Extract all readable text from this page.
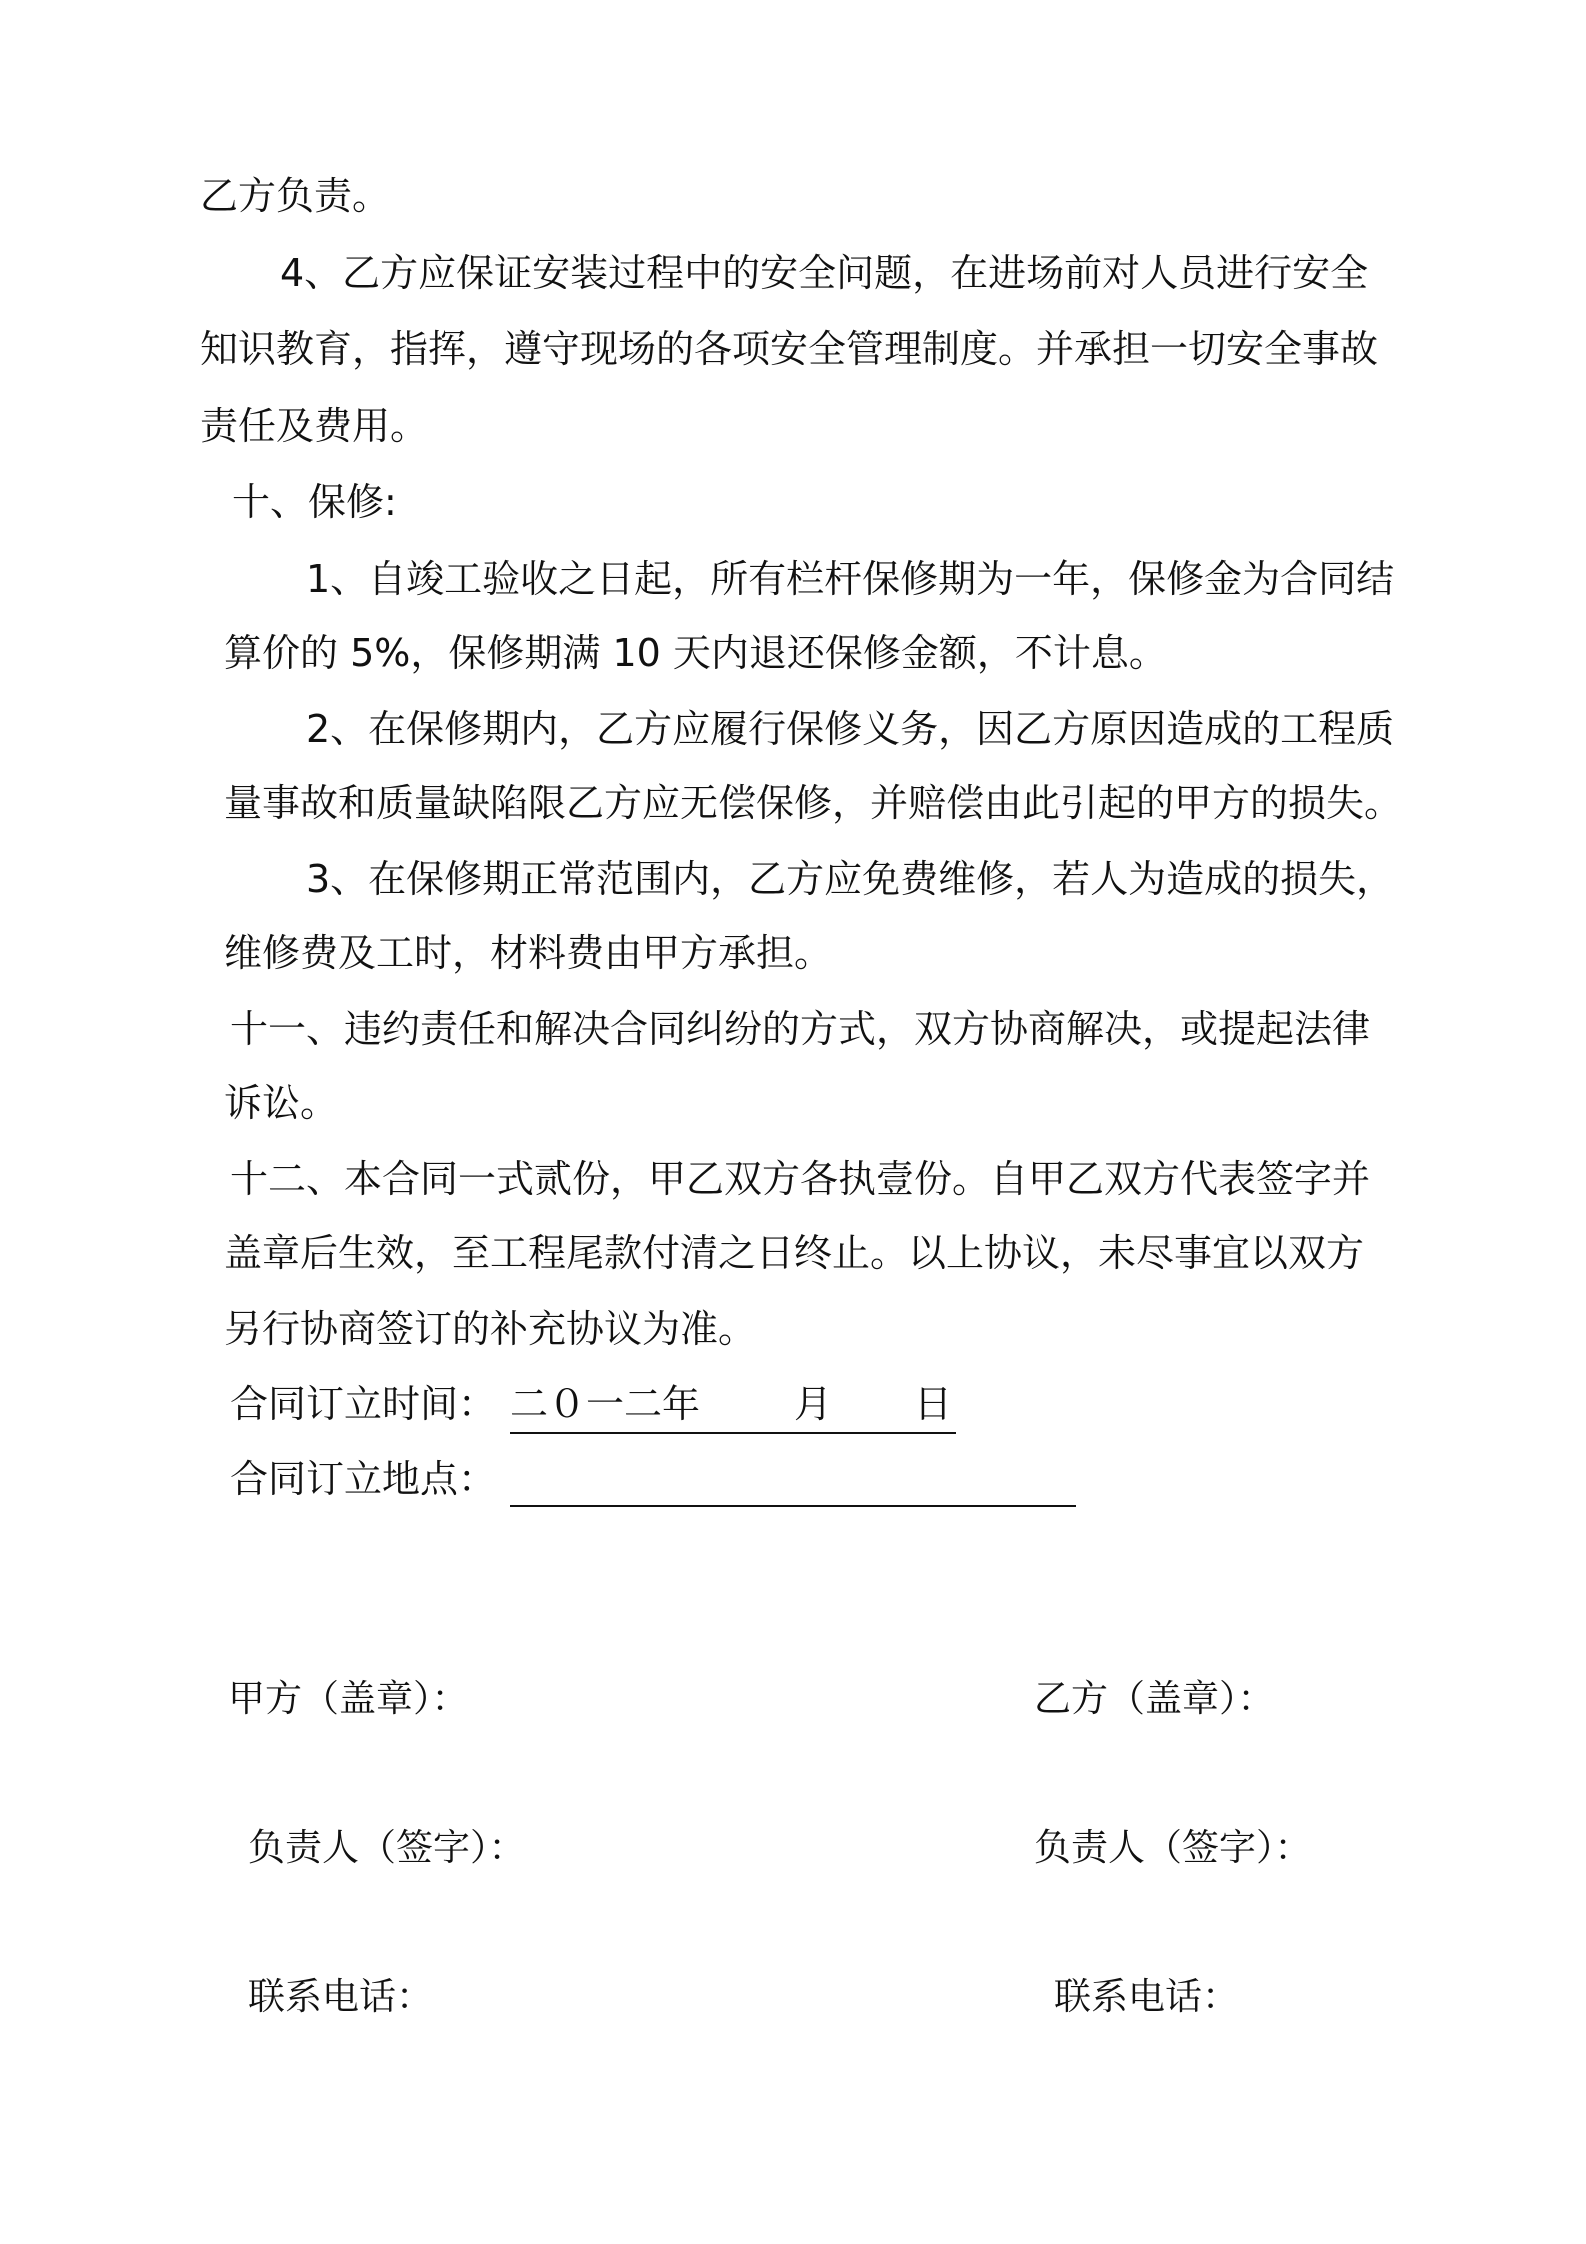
乙方负责。
4、乙方应保证安装过程中的安全问题，在进场前对人员进行安全
知识教育，指挥，遵守现场的各项安全管理制度。并承担一切安全事故
责任及费用。
十、保修:
1、自竣工验收之日起，所有栏杆保修期为一年，保修金为合同结
算价的 5%，保修期满 10 天内退还保修金额，不计息。
2、在保修期内，乙方应履行保修义务，因乙方原因造成的工程质
量事故和质量缺陷限乙方应无偿保修，并赔偿由此引起的甲方的损失。
3、在保修期正常范围内，乙方应免费维修，若人为造成的损失，
维修费及工时，材料费由甲方承担。
十一、违约责任和解决合同纠纷的方式，双方协商解决，或提起法律
诉讼。
十二、本合同一式贰份，甲乙双方各执壹份。自甲乙双方代表签字并
盖章后生效，至工程尾款付清之日终止。以上协议，未尽事宜以双方
另行协商签订的补充协议为准。
合同订立时间： 二０一二年 月 日
合同订立地点：
甲方（盖章）：	乙方（盖章）：
负责人（签字）：	负责人（签字）：
联系电话：	联系电话：
